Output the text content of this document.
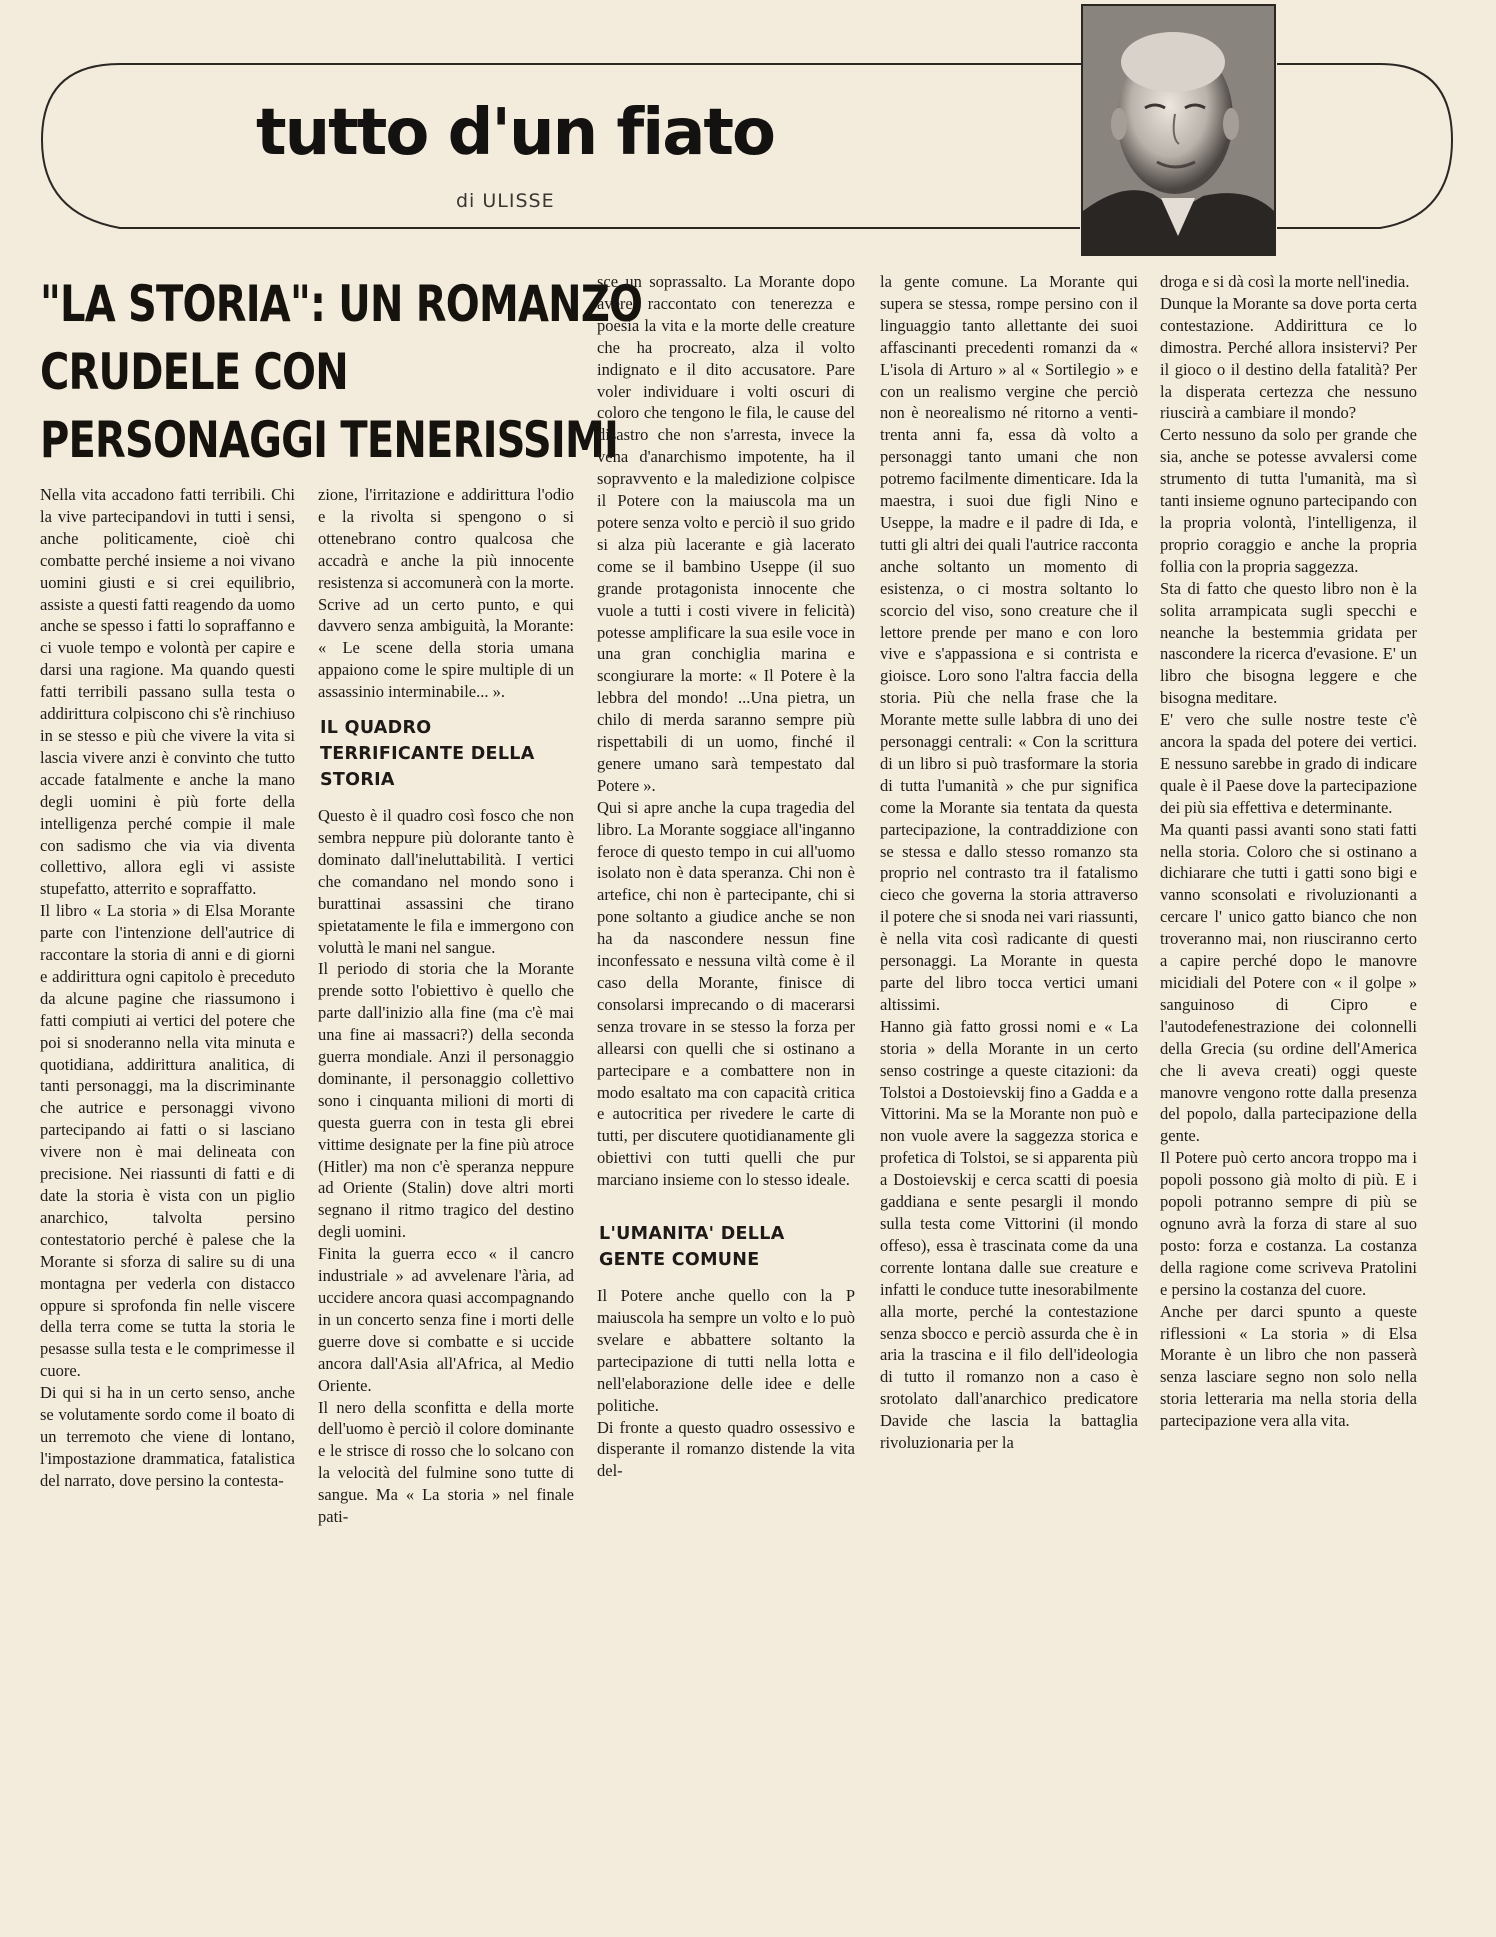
tutto d'un fiato
di ULISSE
"LA STORIA": UN ROMANZO
CRUDELE CON
PERSONAGGI TENERISSIMI

Nella vita accadono fatti terribili. Chi la vive partecipandovi in tutti i sensi, anche politicamente, cioè chi combatte perché insieme a noi vivano uomini giusti e si crei equilibrio, assiste a questi fatti reagendo da uomo anche se spesso i fatti lo sopraffanno e ci vuole tempo e volontà per capire e darsi una ragione. Ma quando questi fatti terribili passano sulla testa o addirittura colpiscono chi s'è rinchiuso in se stesso e più che vivere la vita si lascia vivere anzi è convinto che tutto accade fatalmente e anche la mano degli uomini è più forte della intelligenza perché compie il male con sadismo che via via diventa collettivo, allora egli vi assiste stupefatto, atterrito e sopraffatto.

Il libro « La storia » di Elsa Morante parte con l'intenzione dell'autrice di raccontare la storia di anni e di giorni e addirittura ogni capitolo è preceduto da alcune pagine che riassumono i fatti compiuti ai vertici del potere che poi si snoderanno nella vita minuta e quotidiana, addirittura analitica, di tanti personaggi, ma la discriminante che autrice e personaggi vivono partecipando ai fatti o si lasciano vivere non è mai delineata con precisione. Nei riassunti di fatti e di date la storia è vista con un piglio anarchico, talvolta persino contestatorio perché è palese che la Morante si sforza di salire su di una montagna per vederla con distacco oppure si sprofonda fin nelle viscere della terra come se tutta la storia le pesasse sulla testa e le comprimesse il cuore.

Di qui si ha in un certo senso, anche se volutamente sordo come il boato di un terremoto che viene di lontano, l'impostazione drammatica, fatalistica del narrato, dove persino la contesta-

zione, l'irritazione e addirittura l'odio e la rivolta si spengono o si ottenebrano contro qualcosa che accadrà e anche la più innocente resistenza si accomunerà con la morte. Scrive ad un certo punto, e qui davvero senza ambiguità, la Morante: « Le scene della storia umana appaiono come le spire multiple di un assassinio interminabile... ».

IL QUADRO TERRIFICANTE DELLA STORIA

Questo è il quadro così fosco che non sembra neppure più dolorante tanto è dominato dall'ineluttabilità. I vertici che comandano nel mondo sono i burattinai assassini che tirano spietatamente le fila e immergono con voluttà le mani nel sangue.

Il periodo di storia che la Morante prende sotto l'obiettivo è quello che parte dall'inizio alla fine (ma c'è mai una fine ai massacri?) della seconda guerra mondiale. Anzi il personaggio dominante, il personaggio collettivo sono i cinquanta milioni di morti di questa guerra con in testa gli ebrei vittime designate per la fine più atroce (Hitler) ma non c'è speranza neppure ad Oriente (Stalin) dove altri morti segnano il ritmo tragico del destino degli uomini.

Finita la guerra ecco « il cancro industriale » ad avvelenare l'ària, ad uccidere ancora quasi accompagnando in un concerto senza fine i morti delle guerre dove si combatte e si uccide ancora dall'Asia all'Africa, al Medio Oriente.

Il nero della sconfitta e della morte dell'uomo è perciò il colore dominante e le strisce di rosso che lo solcano con la velocità del fulmine sono tutte di sangue. Ma « La storia » nel finale pati-

sce un soprassalto. La Morante dopo avere raccontato con tenerezza e poesia la vita e la morte delle creature che ha procreato, alza il volto indignato e il dito accusatore. Pare voler individuare i volti oscuri di coloro che tengono le fila, le cause del disastro che non s'arresta, invece la vena d'anarchismo impotente, ha il sopravvento e la maledizione colpisce il Potere con la maiuscola ma un potere senza volto e perciò il suo grido si alza più lacerante e già lacerato come se il bambino Useppe (il suo grande protagonista innocente che vuole a tutti i costi vivere in felicità) potesse amplificare la sua esile voce in una gran conchiglia marina e scongiurare la morte: « Il Potere è la lebbra del mondo! ...Una pietra, un chilo di merda saranno sempre più rispettabili di un uomo, finché il genere umano sarà tempestato dal Potere ».

Qui si apre anche la cupa tragedia del libro. La Morante soggiace all'inganno feroce di questo tempo in cui all'uomo isolato non è data speranza. Chi non è artefice, chi non è partecipante, chi si pone soltanto a giudice anche se non ha da nascondere nessun fine inconfessato e nessuna viltà come è il caso della Morante, finisce di consolarsi imprecando o di macerarsi senza trovare in se stesso la forza per allearsi con quelli che si ostinano a partecipare e a combattere non in modo esaltato ma con capacità critica e autocritica per rivedere le carte di tutti, per discutere quotidianamente gli obiettivi con tutti quelli che pur marciano insieme con lo stesso ideale.

L'UMANITA' DELLA GENTE COMUNE

Il Potere anche quello con la P maiuscola ha sempre un volto e lo può svelare e abbattere soltanto la partecipazione di tutti nella lotta e nell'elaborazione delle idee e delle politiche.

Di fronte a questo quadro ossessivo e disperante il romanzo distende la vita del-

la gente comune. La Morante qui supera se stessa, rompe persino con il linguaggio tanto allettante dei suoi affascinanti precedenti romanzi da « L'isola di Arturo » al « Sortilegio » e con un realismo vergine che perciò non è neorealismo né ritorno a venti-trenta anni fa, essa dà volto a personaggi tanto umani che non potremo facilmente dimenticare. Ida la maestra, i suoi due figli Nino e Useppe, la madre e il padre di Ida, e tutti gli altri dei quali l'autrice racconta anche soltanto un momento di esistenza, o ci mostra soltanto lo scorcio del viso, sono creature che il lettore prende per mano e con loro vive e s'appassiona e si contrista e gioisce. Loro sono l'altra faccia della storia. Più che nella frase che la Morante mette sulle labbra di uno dei personaggi centrali: « Con la scrittura di un libro si può trasformare la storia di tutta l'umanità » che pur significa come la Morante sia tentata da questa partecipazione, la contraddizione con se stessa e dallo stesso romanzo sta proprio nel contrasto tra il fatalismo cieco che governa la storia attraverso il potere che si snoda nei vari riassunti, è nella vita così radicante di questi personaggi. La Morante in questa parte del libro tocca vertici umani altissimi.

Hanno già fatto grossi nomi e « La storia » della Morante in un certo senso costringe a queste citazioni: da Tolstoi a Dostoievskij fino a Gadda e a Vittorini. Ma se la Morante non può e non vuole avere la saggezza storica e profetica di Tolstoi, se si apparenta più a Dostoievskij e cerca scatti di poesia gaddiana e sente pesargli il mondo sulla testa come Vittorini (il mondo offeso), essa è trascinata come da una corrente lontana dalle sue creature e infatti le conduce tutte inesorabilmente alla morte, perché la contestazione senza sbocco e perciò assurda che è in aria la trascina e il filo dell'ideologia di tutto il romanzo non a caso è srotolato dall'anarchico predicatore Davide che lascia la battaglia rivoluzionaria per la

droga e si dà così la morte nell'inedia.

Dunque la Morante sa dove porta certa contestazione. Addirittura ce lo dimostra. Perché allora insistervi? Per il gioco o il destino della fatalità? Per la disperata certezza che nessuno riuscirà a cambiare il mondo?

Certo nessuno da solo per grande che sia, anche se potesse avvalersi come strumento di tutta l'umanità, ma sì tanti insieme ognuno partecipando con la propria volontà, l'intelligenza, il proprio coraggio e anche la propria follia con la propria saggezza.

Sta di fatto che questo libro non è la solita arrampicata sugli specchi e neanche la bestemmia gridata per nascondere la ricerca d'evasione. E' un libro che bisogna leggere e che bisogna meditare.

E' vero che sulle nostre teste c'è ancora la spada del potere dei vertici. E nessuno sarebbe in grado di indicare quale è il Paese dove la partecipazione dei più sia effettiva e determinante.

Ma quanti passi avanti sono stati fatti nella storia. Coloro che si ostinano a dichiarare che tutti i gatti sono bigi e vanno sconsolati e rivoluzionanti a cercare l' unico gatto bianco che non troveranno mai, non riusciranno certo a capire perché dopo le manovre micidiali del Potere con « il golpe » sanguinoso di Cipro e l'autodefenestrazione dei colonnelli della Grecia (su ordine dell'America che li aveva creati) oggi queste manovre vengono rotte dalla presenza del popolo, dalla partecipazione della gente.

Il Potere può certo ancora troppo ma i popoli possono già molto di più. E i popoli potranno sempre di più se ognuno avrà la forza di stare al suo posto: forza e costanza. La costanza della ragione come scriveva Pratolini e persino la costanza del cuore.

Anche per darci spunto a queste riflessioni « La storia » di Elsa Morante è un libro che non passerà senza lasciare segno non solo nella storia letteraria ma nella storia della partecipazione vera alla vita.
